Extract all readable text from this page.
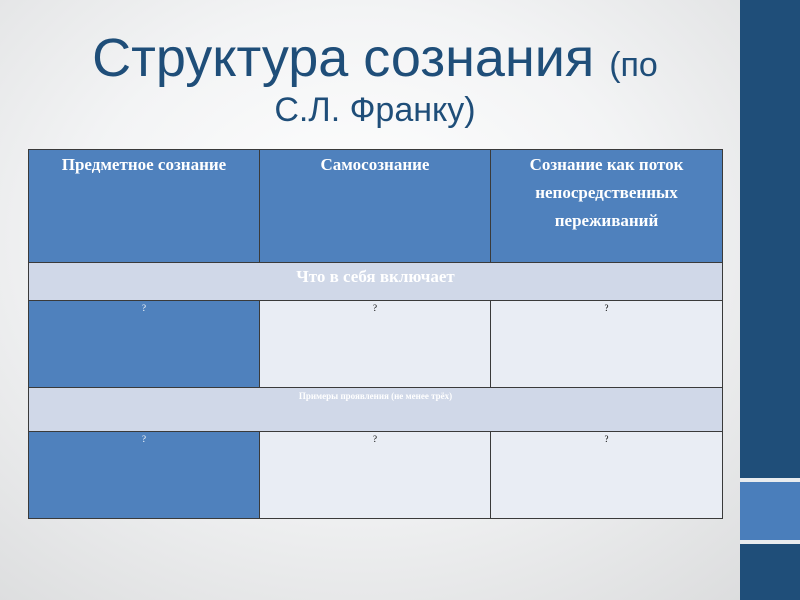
Структура сознания (по
С.Л. Франку)
Предметное сознание	Самосознание	Сознание как поток непосредственных переживаний

Что в себя включает		
?	?	?
Примеры проявления (не менее трёх)		
?	?	?
